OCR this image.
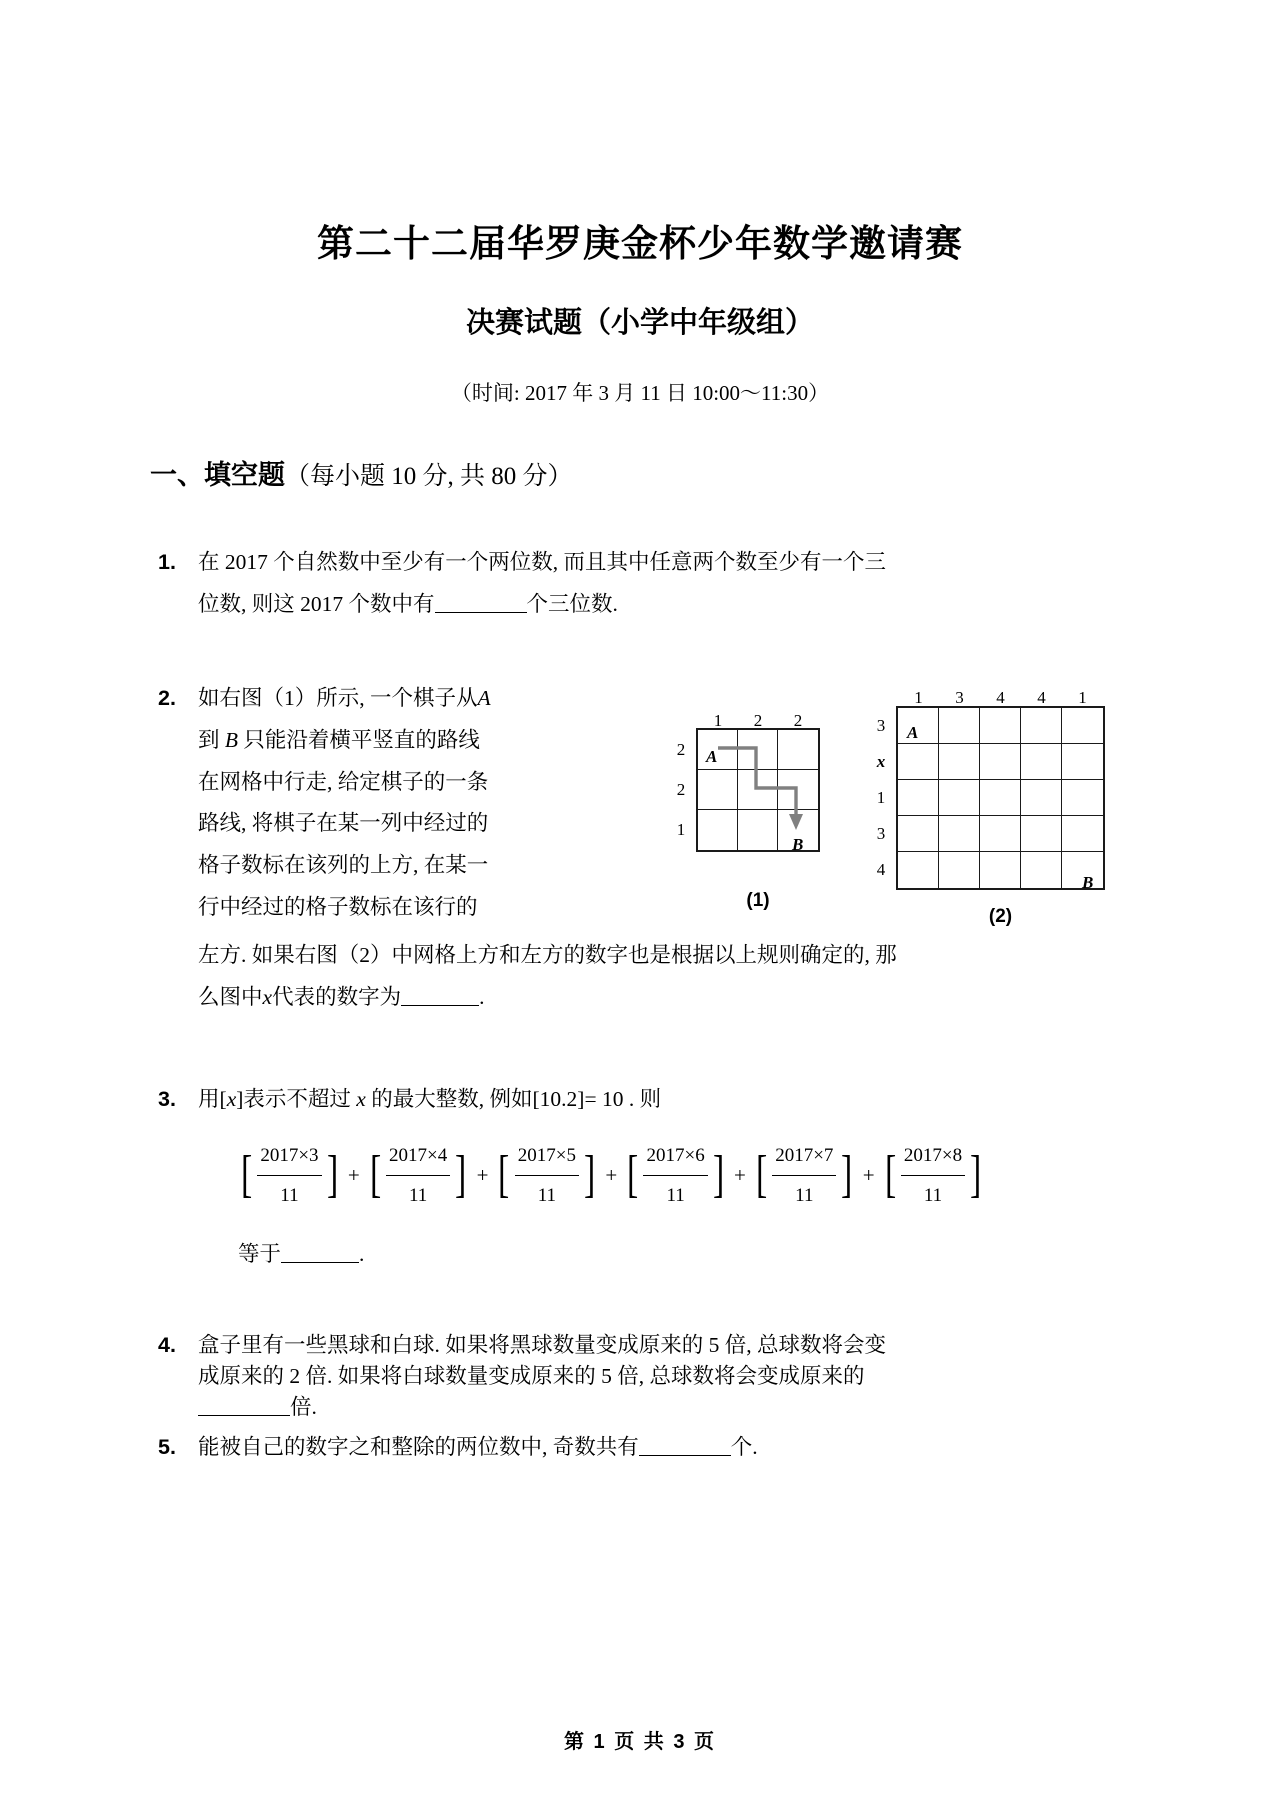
第二十二届华罗庚金杯少年数学邀请赛
决赛试题（小学中年级组）

（时间: 2017 年 3 月 11 日 10:00～11:30）

一、填空题（每小题 10 分, 共 80 分）

1. 在 2017 个自然数中至少有一个两位数, 而且其中任意两个数至少有一个三
位数, 则这 2017 个数中有	个三位数.
2. 如右图（1）所示, 一个棋子从A
到 B 只能沿着横平竖直的路线
在网格中行走, 给定棋子的一条
路线, 将棋子在某一列中经过的
格子数标在该列的上方, 在某一
行中经过的格子数标在该行的
1 2 2
2
2
1
A
B
(1)
1 3 4 4 1
3
x
1
3
4
A
B
(2)
左方. 如果右图（2）中网格上方和左方的数字也是根据以上规则确定的, 那
么图中x代表的数字为	.
3. 用[x]表示不超过 x 的最大整数, 例如[10.2]= 10 . 则
[ $\frac{2017\times 3}{11}$ ] + [ $\frac{2017\times 4}{11}$ ] + [ $\frac{2017\times 5}{11}$ ] + [ $\frac{2017\times 6}{11}$ ] + [ $\frac{2017\times 7}{11}$ ] + [ $\frac{2017\times 8}{11}$ ]
等于	.
4. 盒子里有一些黑球和白球. 如果将黑球数量变成原来的 5 倍, 总球数将会变
成原来的 2 倍. 如果将白球数量变成原来的 5 倍, 总球数将会变成原来的
倍.
5. 能被自己的数字之和整除的两位数中, 奇数共有	个.
第 1 页 共 3 页
